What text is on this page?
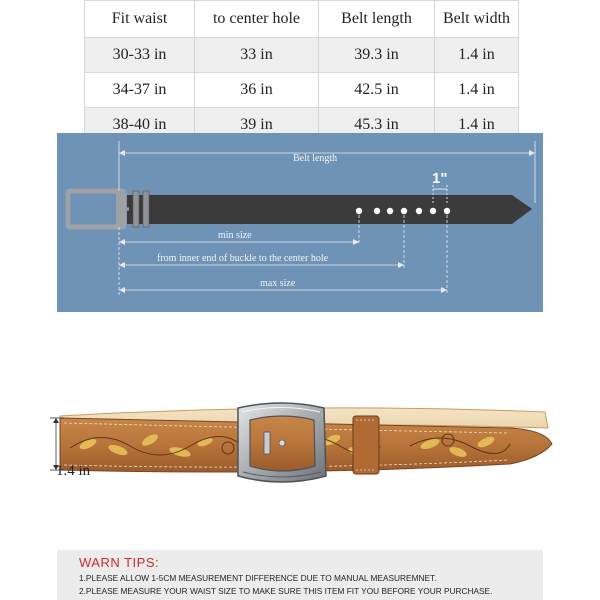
Fit waist	to center hole	Belt length	Belt width
30-33 in	33 in	39.3 in	1.4 in
34-37 in	36 in	42.5 in	1.4 in
38-40 in	39 in	45.3 in	1.4 in
Belt length
1"
min size
from inner end of buckle to the center hole
max size
1.4 in
WARN TIPS:
1.PLEASE ALLOW 1-5CM MEASUREMENT DIFFERENCE DUE TO MANUAL MEASUREMNET.
2.PLEASE MEASURE YOUR WAIST SIZE TO MAKE SURE THIS ITEM FIT YOU BEFORE YOUR PURCHASE.
